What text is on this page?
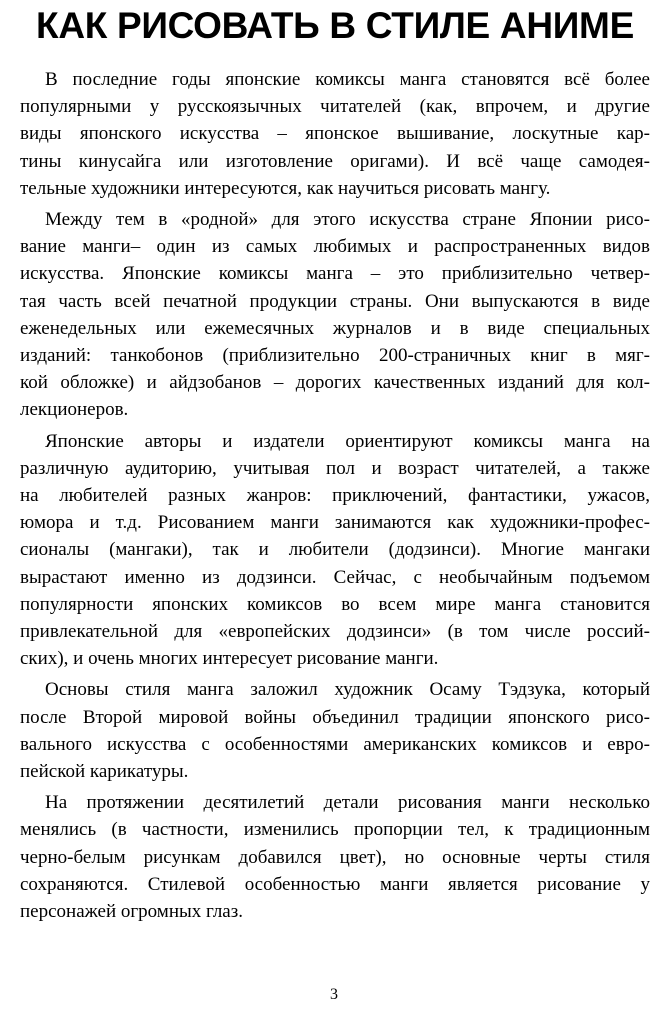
КАК РИСОВАТЬ В СТИЛЕ АНИМЕ

В последние годы японские комиксы манга становятся всё более
популярными у русскоязычных читателей (как, впрочем, и другие
виды японского искусства – японское вышивание, лоскутные кар-
тины кинусайга или изготовление оригами). И всё чаще самодея-
тельные художники интересуются, как научиться рисовать мангу.

Между тем в «родной» для этого искусства стране Японии рисо-
вание манги– один из самых любимых и распространенных видов
искусства. Японские комиксы манга – это приблизительно четвер-
тая часть всей печатной продукции страны. Они выпускаются в виде
еженедельных или ежемесячных журналов и в виде специальных
изданий: танкобонов (приблизительно 200-страничных книг в мяг-
кой обложке) и айдзобанов – дорогих качественных изданий для кол-
лекционеров.

Японские авторы и издатели ориентируют комиксы манга на
различную аудиторию, учитывая пол и возраст читателей, а также
на любителей разных жанров: приключений, фантастики, ужасов,
юмора и т.д. Рисованием манги занимаются как художники-профес-
сионалы (мангаки), так и любители (додзинси). Многие мангаки
вырастают именно из додзинси. Сейчас, с необычайным подъемом
популярности японских комиксов во всем мире манга становится
привлекательной для «европейских додзинси» (в том числе россий-
ских), и очень многих интересует рисование манги.

Основы стиля манга заложил художник Осаму Тэдзука, который
после Второй мировой войны объединил традиции японского рисо-
вального искусства с особенностями американских комиксов и евро-
пейской карикатуры.

На протяжении десятилетий детали рисования манги несколько
менялись (в частности, изменились пропорции тел, к традиционным
черно-белым рисункам добавился цвет), но основные черты стиля
сохраняются. Стилевой особенностью манги является рисование у
персонажей огромных глаз.

3
